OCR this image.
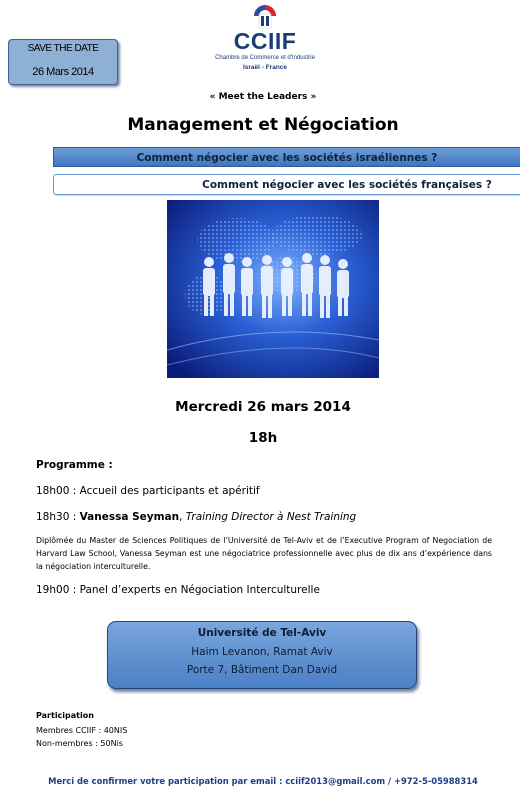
SAVE THE DATE
26 Mars 2014
CCIIF
Chambre de Commerce et d'Industrie
Israël - France
« Meet the Leaders »
Management et Négociation
Comment négocier avec les sociétés israéliennes ?
Comment négocier avec les sociétés françaises ?
Mercredi 26 mars 2014
18h
Programme :
18h00 : Accueil des participants et apéritif
18h30 : Vanessa Seyman, Training Director à Nest Training
Diplômée du Master de Sciences Politiques de l’Université de Tel-Aviv et de l’Executive Program of Negociation de Harvard Law School, Vanessa Seyman est une négociatrice professionnelle avec plus de dix ans d’expérience dans la négociation interculturelle.
19h00 : Panel d’experts en Négociation Interculturelle
Université de Tel-Aviv
Haim Levanon, Ramat Aviv
Porte 7, Bâtiment Dan David
Participation
Membres CCIIF : 40NIS
Non-membres : 50Nis
Merci de confirmer votre participation par email : cciif2013@gmail.com / +972-5-05988314
